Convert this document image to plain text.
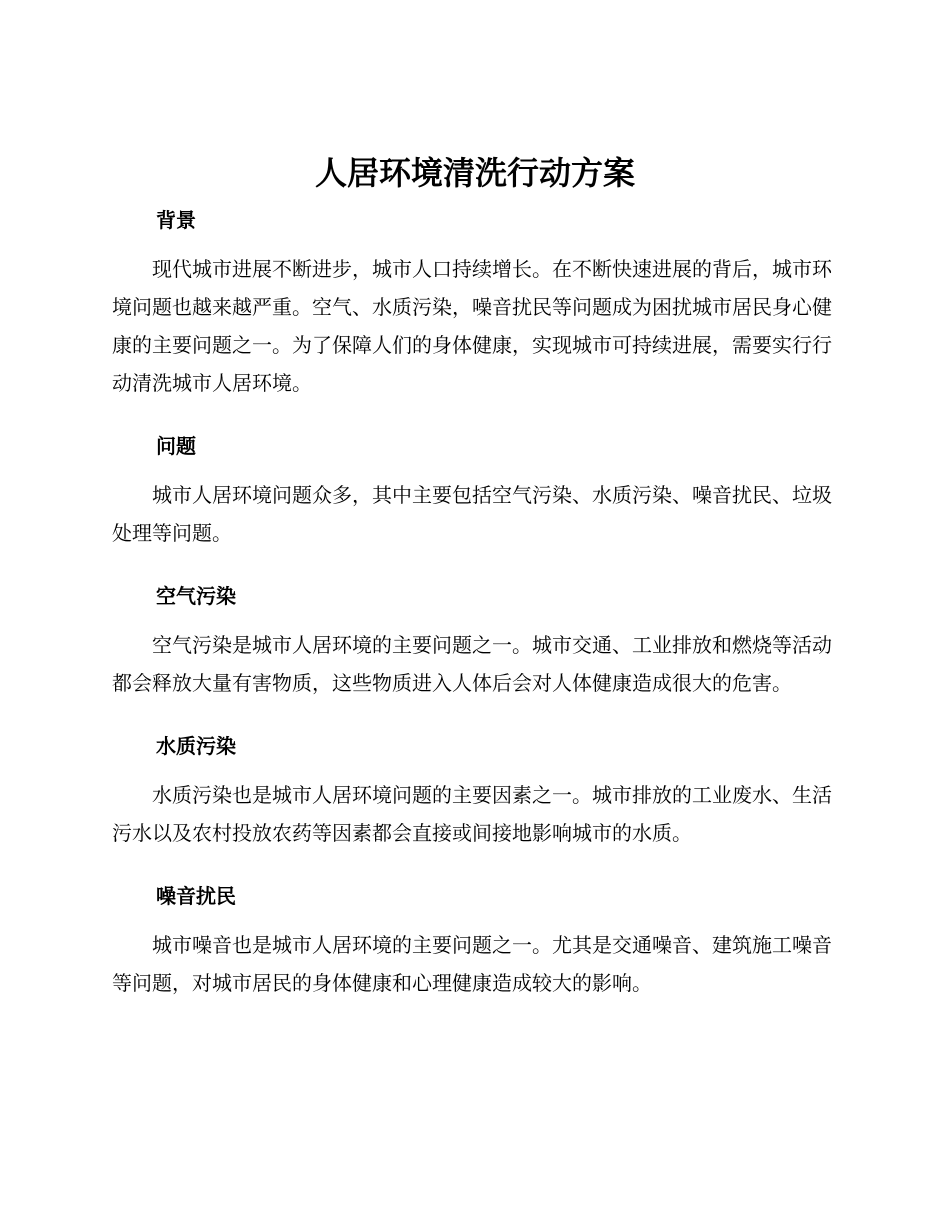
人居环境清洗行动方案
背景

现代城市进展不断进步，城市人口持续增长。在不断快速进展的背后，城市环境问题也越来越严重。空气、水质污染，噪音扰民等问题成为困扰城市居民身心健康的主要问题之一。为了保障人们的身体健康，实现城市可持续进展，需要实行行动清洗城市人居环境。

问题

城市人居环境问题众多，其中主要包括空气污染、水质污染、噪音扰民、垃圾处理等问题。

空气污染

空气污染是城市人居环境的主要问题之一。城市交通、工业排放和燃烧等活动都会释放大量有害物质，这些物质进入人体后会对人体健康造成很大的危害。

水质污染

水质污染也是城市人居环境问题的主要因素之一。城市排放的工业废水、生活污水以及农村投放农药等因素都会直接或间接地影响城市的水质。

噪音扰民

城市噪音也是城市人居环境的主要问题之一。尤其是交通噪音、建筑施工噪音等问题，对城市居民的身体健康和心理健康造成较大的影响。
